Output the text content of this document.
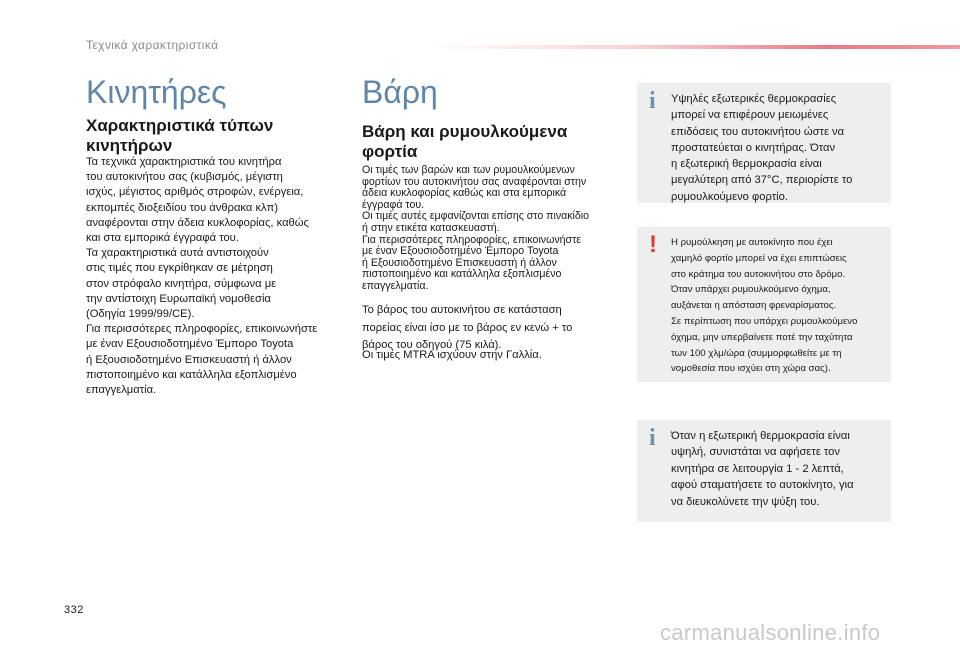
Τεχνικά χαρακτηριστικά
Κινητήρες
Χαρακτηριστικά τύπων
κινητήρων

Τα τεχνικά χαρακτηριστικά του κινητήρα
του αυτοκινήτου σας (κυβισμός, μέγιστη
ισχύς, μέγιστος αριθμός στροφών, ενέργεια,
εκπομπές διοξειδίου του άνθρακα κλπ)
αναφέρονται στην άδεια κυκλοφορίας, καθώς
και στα εμπορικά έγγραφά του.
Τα χαρακτηριστικά αυτά αντιστοιχούν
στις τιμές που εγκρίθηκαν σε μέτρηση
στον στρόφαλο κινητήρα, σύμφωνα με
την αντίστοιχη Ευρωπαϊκή νομοθεσία
(Οδηγία 1999/99/CE).
Για περισσότερες πληροφορίες, επικοινωνήστε
με έναν Εξουσιοδοτημένο Έμπορο Toyota
ή Εξουσιοδοτημένο Επισκευαστή ή άλλον
πιστοποιημένο και κατάλληλα εξοπλισμένο
επαγγελματία.

Βάρη
Βάρη και ρυμουλκούμενα
φορτία

Οι τιμές των βαρών και των ρυμουλκούμενων
φορτίων του αυτοκινήτου σας αναφέρονται στην
άδεια κυκλοφορίας καθώς και στα εμπορικά
έγγραφά του.
Οι τιμές αυτές εμφανίζονται επίσης στο πινακίδιο
ή στην ετικέτα κατασκευαστή.
Για περισσότερες πληροφορίες, επικοινωνήστε
με έναν Εξουσιοδοτημένο Έμπορο Toyota
ή Εξουσιοδοτημένο Επισκευαστή ή άλλον
πιστοποιημένο και κατάλληλα εξοπλισμένο
επαγγελματία.

Το βάρος του αυτοκινήτου σε κατάσταση
πορείας είναι ίσο με το βάρος εν κενώ + το
βάρος του οδηγού (75 κιλά).

Οι τιμές MTRA ισχύουν στην Γαλλία.

i Υψηλές εξωτερικές θερμοκρασίες
μπορεί να επιφέρουν μειωμένες
επιδόσεις του αυτοκινήτου ώστε να
προστατεύεται ο κινητήρας. Όταν
η εξωτερική θερμοκρασία είναι
μεγαλύτερη από 37°C, περιορίστε το
ρυμουλκούμενο φορτίο.

! Η ρυμούλκηση με αυτοκίνητο που έχει
χαμηλό φορτίο μπορεί να έχει επιπτώσεις
στο κράτημα του αυτοκινήτου στο δρόμο.
Όταν υπάρχει ρυμουλκούμενο όχημα,
αυξάνεται η απόσταση φρεναρίσματος.
Σε περίπτωση που υπάρχει ρυμουλκούμενο
όχημα, μην υπερβαίνετε ποτέ την ταχύτητα
των 100 χλμ/ώρα (συμμορφωθείτε με τη
νομοθεσία που ισχύει στη χώρα σας).

i Όταν η εξωτερική θερμοκρασία είναι
υψηλή, συνιστάται να αφήσετε τον
κινητήρα σε λειτουργία 1 - 2 λεπτά,
αφού σταματήσετε το αυτοκίνητο, για
να διευκολύνετε την ψύξη του.

332
carmanualsonline.info
